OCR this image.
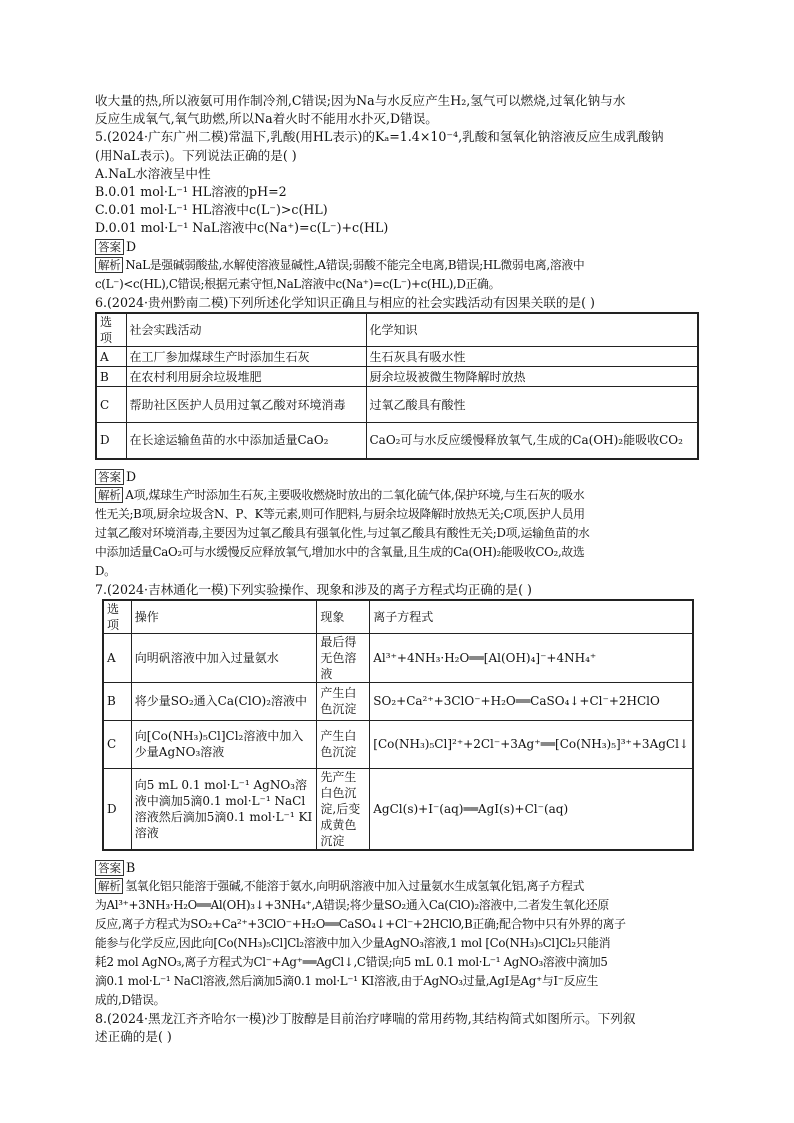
收大量的热,所以液氨可用作制冷剂,C错误;因为Na与水反应产生H₂,氢气可以燃烧,过氧化钠与水
反应生成氧气,氧气助燃,所以Na着火时不能用水扑灭,D错误。
5.(2024·广东广州二模)常温下,乳酸(用HL表示)的Kₐ=1.4×10⁻⁴,乳酸和氢氧化钠溶液反应生成乳酸钠
(用NaL表示)。下列说法正确的是( )
A.NaL水溶液呈中性
B.0.01 mol·L⁻¹ HL溶液的pH=2
C.0.01 mol·L⁻¹ HL溶液中c(L⁻)>c(HL)
D.0.01 mol·L⁻¹ NaL溶液中c(Na⁺)=c(L⁻)+c(HL)
答案 D
解析 NaL是强碱弱酸盐,水解使溶液显碱性,A错误;弱酸不能完全电离,B错误;HL微弱电离,溶液中
c(L⁻)<c(HL),C错误;根据元素守恒,NaL溶液中c(Na⁺)=c(L⁻)+c(HL),D正确。
6.(2024·贵州黔南二模)下列所述化学知识正确且与相应的社会实践活动有因果关联的是( )
选项	社会实践活动	化学知识
A	在工厂参加煤球生产时添加生石灰	生石灰具有吸水性
B	在农村利用厨余垃圾堆肥	厨余垃圾被微生物降解时放热
C	帮助社区医护人员用过氧乙酸对环境消毒	过氧乙酸具有酸性
D	在长途运输鱼苗的水中添加适量CaO₂	CaO₂可与水反应缓慢释放氧气,生成的Ca(OH)₂能吸收CO₂
答案 D
解析 A项,煤球生产时添加生石灰,主要吸收燃烧时放出的二氧化硫气体,保护环境,与生石灰的吸水
性无关;B项,厨余垃圾含N、P、K等元素,则可作肥料,与厨余垃圾降解时放热无关;C项,医护人员用
过氧乙酸对环境消毒,主要因为过氧乙酸具有强氧化性,与过氧乙酸具有酸性无关;D项,运输鱼苗的水
中添加适量CaO₂可与水缓慢反应释放氧气,增加水中的含氧量,且生成的Ca(OH)₂能吸收CO₂,故选
D。
7.(2024·吉林通化一模)下列实验操作、现象和涉及的离子方程式均正确的是( )
选项	操作	现象	离子方程式
A	向明矾溶液中加入过量氨水	最后得无色溶液	Al³⁺+4NH₃·H₂O══[Al(OH)₄]⁻+4NH₄⁺
B	将少量SO₂通入Ca(ClO)₂溶液中	产生白色沉淀	SO₂+Ca²⁺+3ClO⁻+H₂O══CaSO₄↓+Cl⁻+2HClO
C	向[Co(NH₃)₅Cl]Cl₂溶液中加入少量AgNO₃溶液	产生白色沉淀	[Co(NH₃)₅Cl]²⁺+2Cl⁻+3Ag⁺══[Co(NH₃)₅]³⁺+3AgCl↓
D	向5 mL 0.1 mol·L⁻¹ AgNO₃溶液中滴加5滴0.1 mol·L⁻¹ NaCl溶液然后滴加5滴0.1 mol·L⁻¹ KI溶液	先产生白色沉淀,后变成黄色沉淀	AgCl(s)+I⁻(aq)══AgI(s)+Cl⁻(aq)
答案 B
解析 氢氧化铝只能溶于强碱,不能溶于氨水,向明矾溶液中加入过量氨水生成氢氧化铝,离子方程式
为Al³⁺+3NH₃·H₂O══Al(OH)₃↓+3NH₄⁺,A错误;将少量SO₂通入Ca(ClO)₂溶液中,二者发生氧化还原
反应,离子方程式为SO₂+Ca²⁺+3ClO⁻+H₂O══CaSO₄↓+Cl⁻+2HClO,B正确;配合物中只有外界的离子
能参与化学反应,因此向[Co(NH₃)₅Cl]Cl₂溶液中加入少量AgNO₃溶液,1 mol [Co(NH₃)₅Cl]Cl₂只能消
耗2 mol AgNO₃,离子方程式为Cl⁻+Ag⁺══AgCl↓,C错误;向5 mL 0.1 mol·L⁻¹ AgNO₃溶液中滴加5
滴0.1 mol·L⁻¹ NaCl溶液,然后滴加5滴0.1 mol·L⁻¹ KI溶液,由于AgNO₃过量,AgI是Ag⁺与I⁻反应生
成的,D错误。
8.(2024·黑龙江齐齐哈尔一模)沙丁胺醇是目前治疗哮喘的常用药物,其结构简式如图所示。下列叙
述正确的是( )
